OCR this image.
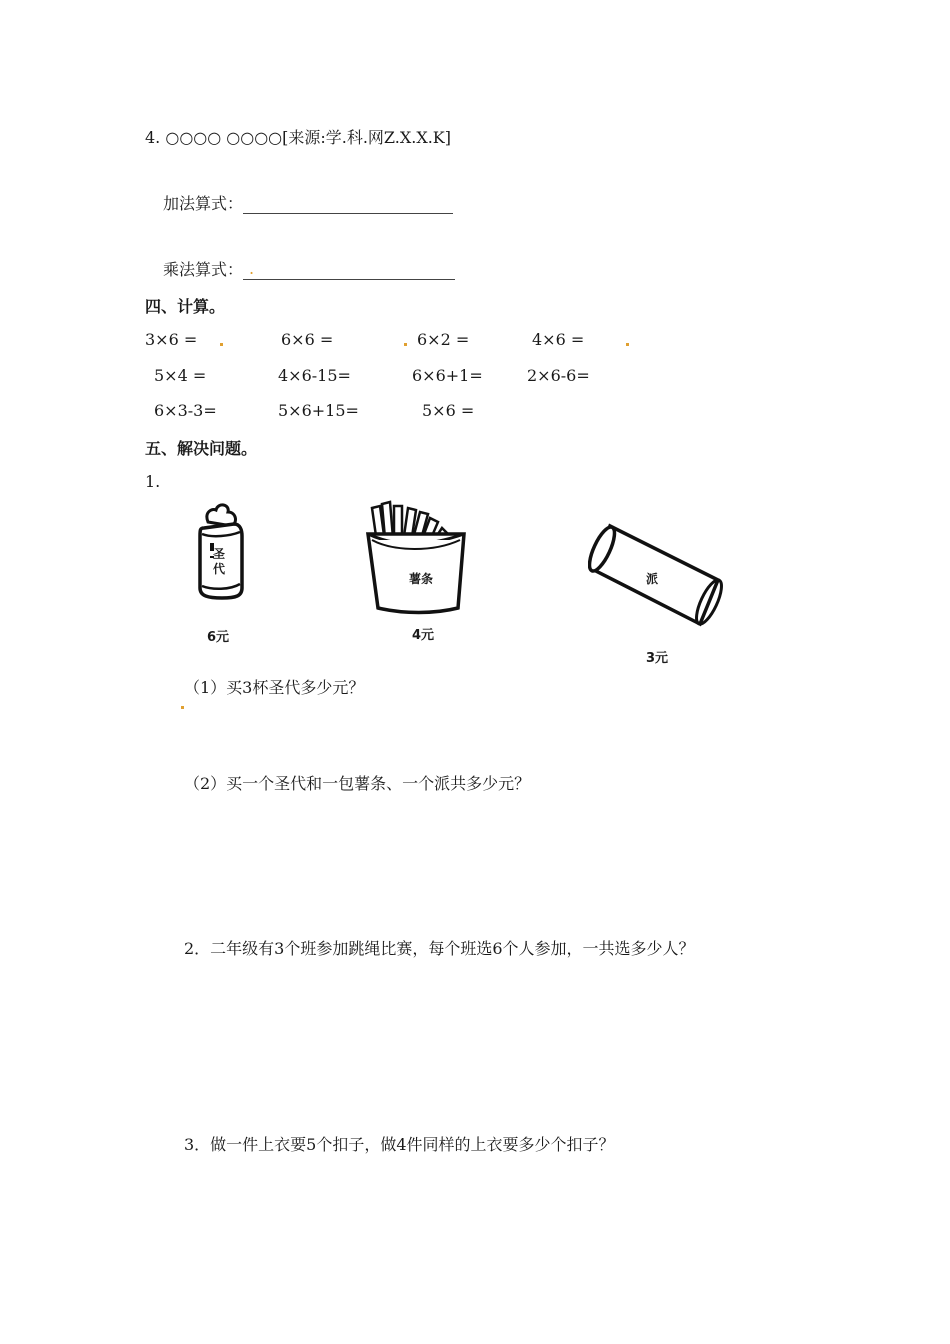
4. ○○○○ ○○○○[来源:学.科.网Z.X.X.K]
加法算式：
乘法算式： .
四、计算。
3×6 =	6×6 =	6×2 =	4×6 =
5×4 =	4×6-15=	6×6+1=	2×6-6=
6×3-3=	5×6+15=	5×6 =
五、解决问题。
1.
圣代
6元
薯条
4元
派
3元
（1）买3杯圣代多少元？
（2）买一个圣代和一包薯条、一个派共多少元？
2．二年级有3个班参加跳绳比赛，每个班选6个人参加，一共选多少人？
3．做一件上衣要5个扣子，做4件同样的上衣要多少个扣子？
